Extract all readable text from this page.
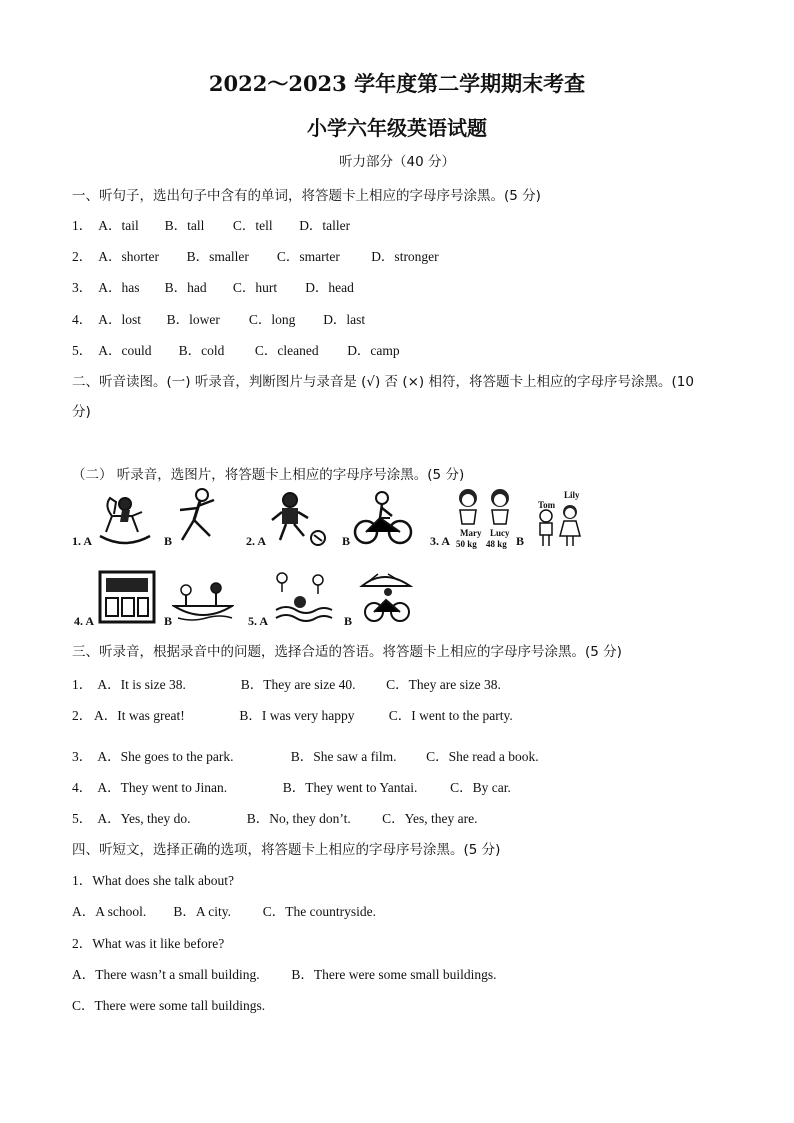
2022～2023 学年度第二学期期末考查
小学六年级英语试题
听力部分（40 分）
一、听句子，选出句子中含有的单词，将答题卡上相应的字母序号涂黑。(5 分)
1． A．tail B．tall C．tell D．taller
2． A．shorter B．smaller C．smarter D．stronger
3． A．has B．had C．hurt D．head
4． A．lost B．lower C．long D．last
5． A．could B．cold C．cleaned D．camp
二、听音读图。(一) 听录音，判断图片与录音是 (√) 否 (×) 相符，将答题卡上相应的字母序号涂黑。(10
分)
（二） 听录音，选图片，将答题卡上相应的字母序号涂黑。(5 分)
1. A	B	2. A	B
Mary Lucy
50 kg 48 kg
3. A	B
Tom
Lily
4. A	B	5. A	B
三、听录音，根据录音中的问题，选择合适的答语。将答题卡上相应的字母序号涂黑。(5 分)
1． A．It is size 38.	B．They are size 40. C．They are size 38.
2． A．It was great!	B．I was very happy	C．I went to the party.
3． A．She goes to the park.	B．She saw a film. C．She read a book.
4． A．They went to Jinan.	B．They went to Yantai. C．By car.
5． A．Yes, they do.	B．No, they don’t. C．Yes, they are.
四、听短文，选择正确的选项，将答题卡上相应的字母序号涂黑。(5 分)
1．What does she talk about?
A．A school. B．A city. C．The countryside.
2．What was it like before?
A．There wasn’t a small building. B．There were some small buildings.
C．There were some tall buildings.
